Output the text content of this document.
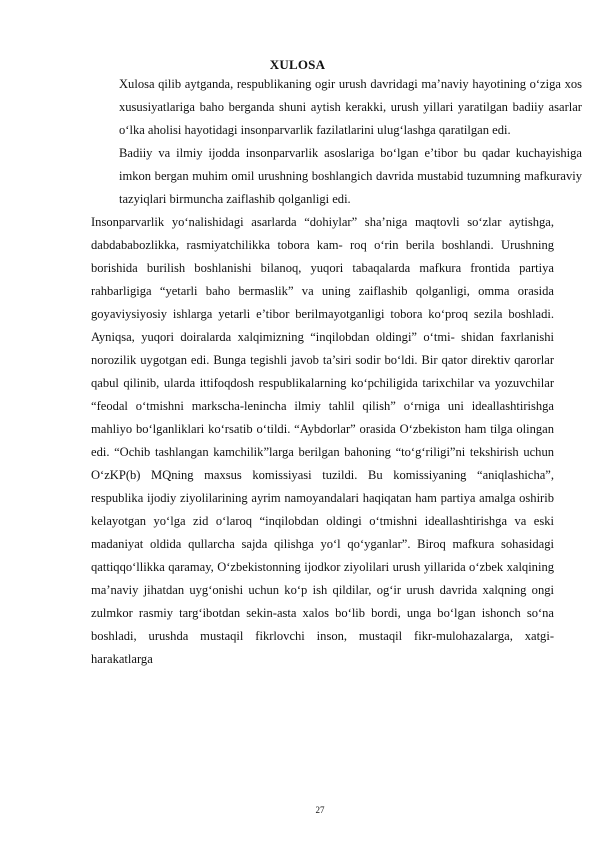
XULOSA

Xulosa qilib aytganda, respublikaning ogir urush davridagi ma’naviy hayotining o‘ziga xos xususiyatlariga baho berganda shuni aytish kerakki, urush yillari yaratilgan badiiy asarlar o‘lka aholisi hayotidagi insonparvarlik fazilatlarini ulug‘lashga qaratilgan edi.

Badiiy va ilmiy ijodda insonparvarlik asoslariga bo‘lgan e’tibor bu qadar kuchayishiga imkon bergan muhim omil urushning boshlangich davrida mustabid tuzumning mafkuraviy tazyiqlari birmuncha zaiflashib qolganligi edi.

Insonparvarlik yo‘nalishidagi asarlarda “dohiylar” sha’niga maqtovli so‘zlar aytishga, dabdababozlikka, rasmiyatchilikka tobora kam- roq o‘rin berila boshlandi. Urushning borishida burilish boshlanishi bilanoq, yuqori tabaqalarda mafkura frontida partiya rahbarligiga “yetarli baho bermaslik” va uning zaiflashib qolganligi, omma orasida goyaviysiyosiy ishlarga yetarli e’tibor berilmayotganligi tobora ko‘proq sezila boshladi. Ayniqsa, yuqori doiralarda xalqimizning “inqilobdan oldingi” o‘tmi- shidan faxrlanishi norozilik uygotgan edi. Bunga tegishli javob ta’siri sodir bo‘ldi. Bir qator direktiv qarorlar qabul qilinib, ularda ittifoqdosh respublikalarning ko‘pchiligida tarixchilar va yozuvchilar “feodal o‘tmishni markscha-lenincha ilmiy tahlil qilish” o‘rniga uni ideallashtirishga mahliyo bo‘lganliklari ko‘rsatib o‘tildi. “Aybdorlar” orasida O‘zbekiston ham tilga olingan edi. “Ochib tashlangan kamchilik”larga berilgan bahoning “to‘g‘riligi”ni tekshirish uchun O‘zKP(b) MQning maxsus komissiyasi tuzildi. Bu komissiyaning “aniqlashicha”, respublika ijodiy ziyolilarining ayrim namoyandalari haqiqatan ham partiya amalga oshirib kelayotgan yo‘lga zid o‘laroq “inqilobdan oldingi o‘tmishni ideallashtirishga va eski madaniyat oldida qullarcha sajda qilishga yo‘l qo‘yganlar”. Biroq mafkura sohasidagi qattiqqo‘llikka qaramay, O‘zbekistonning ijodkor ziyolilari urush yillarida o‘zbek xalqining ma’naviy jihatdan uyg‘onishi uchun ko‘p ish qildilar, og‘ir urush davrida xalqning ongi zulmkor rasmiy targ‘ibotdan sekin-asta xalos bo‘lib bordi, unga bo‘lgan ishonch so‘na boshladi, urushda mustaqil fikrlovchi inson, mustaqil fikr-mulohazalarga, xatgi-harakatlarga

27
